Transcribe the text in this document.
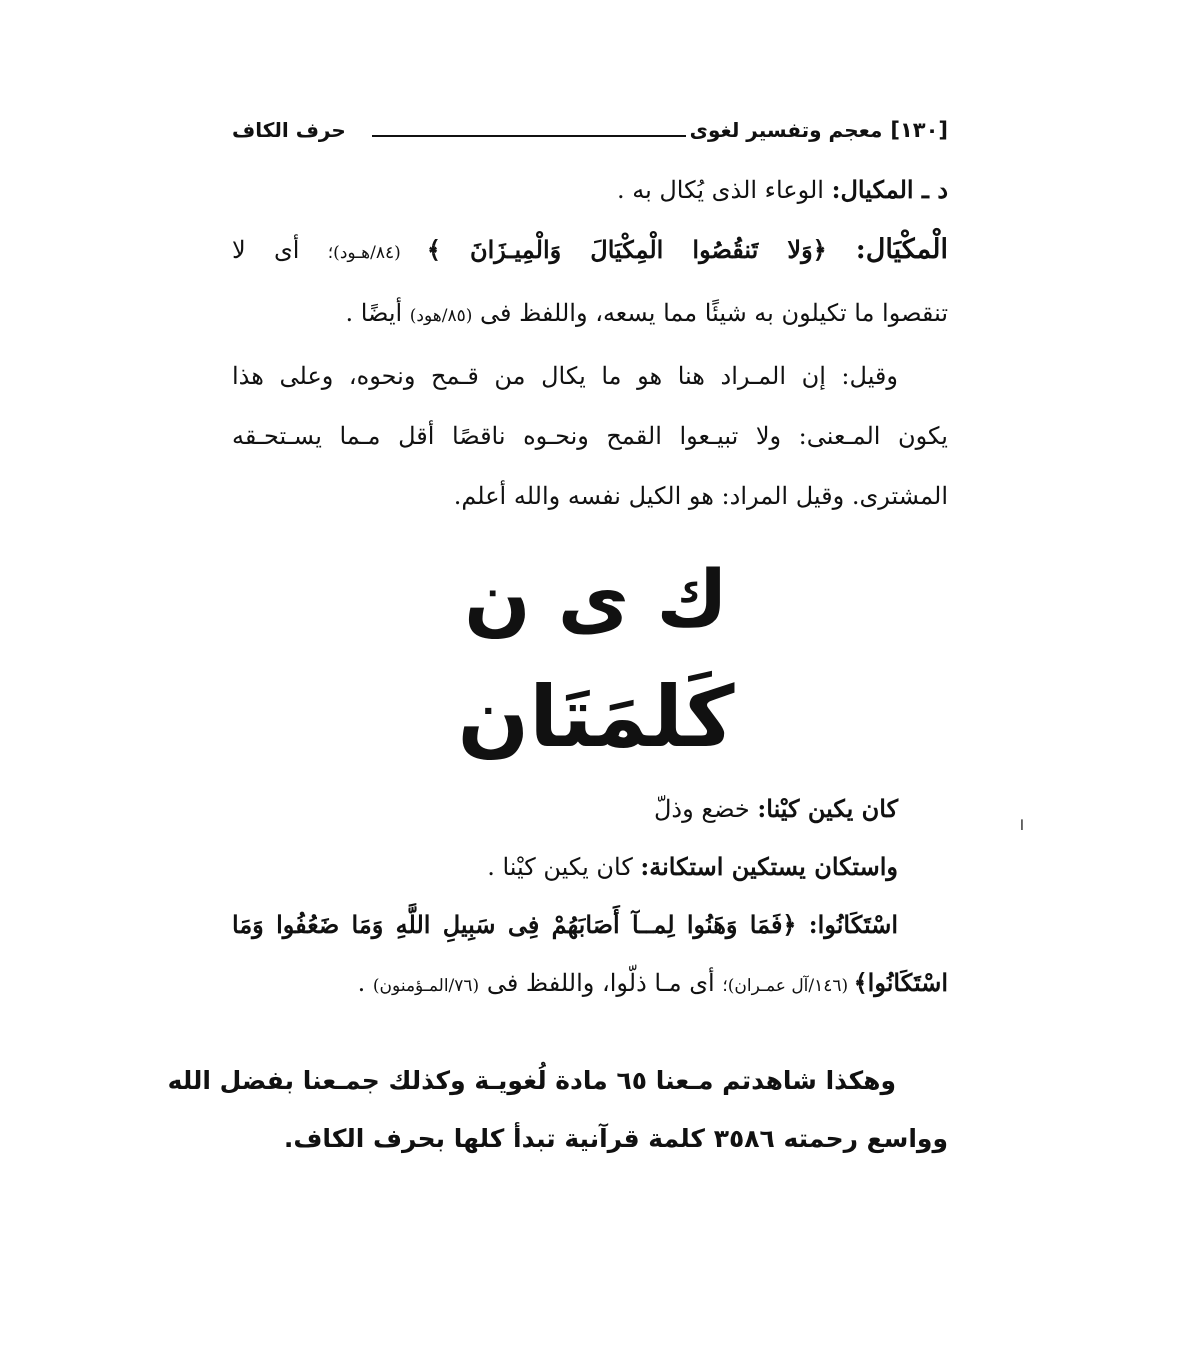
[١٣٠]
معجم وتفسير لغوى
حرف الكاف
د ـ المكيال: الوعاء الذى يُكال به .
الْمكْيَال: ﴿وَلا تَنقُصُوا الْمِكْيَالَ وَالْمِيـزَانَ ﴾ (٨٤/هـود)؛ أى لا
تنقصوا ما تكيلون به شيئًا مما يسعه، واللفظ فى (٨٥/هود) أيضًا .
وقيل: إن المـراد هنا هو ما يكال من قـمح ونحوه، وعلى هذا
يكون المـعنى: ولا تبيـعوا القمح ونحـوه ناقصًا أقل مـما يسـتحـقه
المشترى. وقيل المراد: هو الكيل نفسه والله أعلم.
ك ى ن
كَلمَتَان
كان يكين كيْنا: خضع وذلّ
واستكان يستكين استكانة: كان يكين كيْنا .
اسْتَكَانُوا: ﴿فَمَا وَهَنُوا لِمــآ أَصَابَهُمْ فِى سَبِيلِ اللَّهِ وَمَا ضَعُفُوا وَمَا
اسْتَكَانُوا﴾ (١٤٦/آل عمـران)؛ أى مـا ذلّوا، واللفظ فى (٧٦/المـؤمنون) .
وهكذا شاهدتم مـعنا ٦٥ مادة لُغويـة وكذلك جمـعنا بفضل الله
وواسع رحمته ٣٥٨٦ كلمة قرآنية تبدأ كلها بحرف الكاف.
ا
